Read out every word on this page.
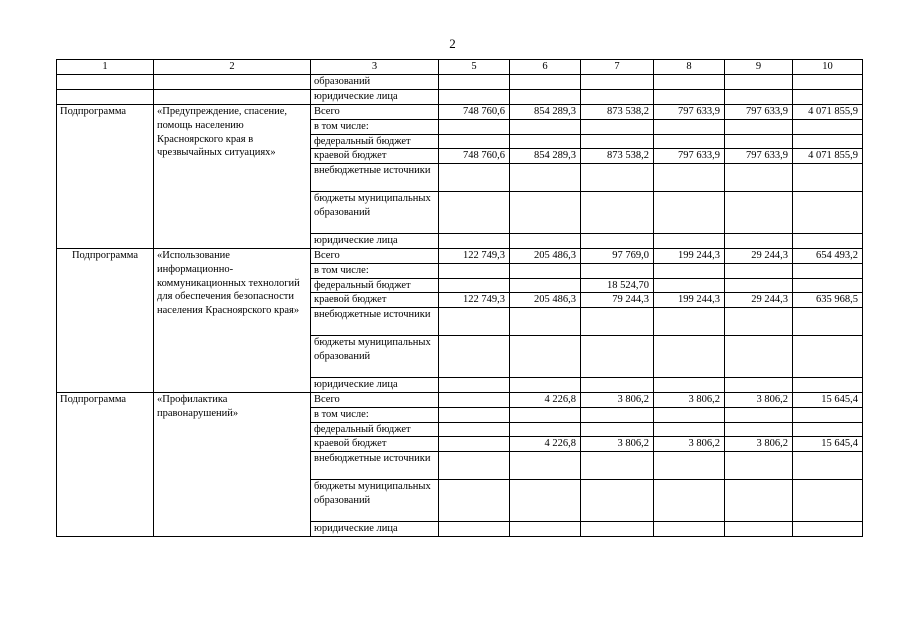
2
1	2	3	5	6	7	8	9	10
		образований						
		юридические лица						
Подпрограмма	«Предупреждение, спасение, помощь населению Красноярского края в чрезвычайных ситуациях»	Всего	748 760,6	854 289,3	873 538,2	797 633,9	797 633,9	4 071 855,9
		в том числе:						
		федеральный бюджет						
		краевой бюджет	748 760,6	854 289,3	873 538,2	797 633,9	797 633,9	4 071 855,9
		внебюджетные источники						
		бюджеты муниципальных образований						
		юридические лица						
Подпрограмма	«Использование информационно-коммуникационных технологий для обеспечения безопасности населения Красноярского края»	Всего	122 749,3	205 486,3	97 769,0	199 244,3	29 244,3	654 493,2
		в том числе:						
		федеральный бюджет			18 524,70			
		краевой бюджет	122 749,3	205 486,3	79 244,3	199 244,3	29 244,3	635 968,5
		внебюджетные источники						
		бюджеты муниципальных образований						
		юридические лица						
Подпрограмма	«Профилактика правонарушений»	Всего		4 226,8	3 806,2	3 806,2	3 806,2	15 645,4
		в том числе:						
		федеральный бюджет						
		краевой бюджет		4 226,8	3 806,2	3 806,2	3 806,2	15 645,4
		внебюджетные источники						
		бюджеты муниципальных образований						
		юридические лица						
